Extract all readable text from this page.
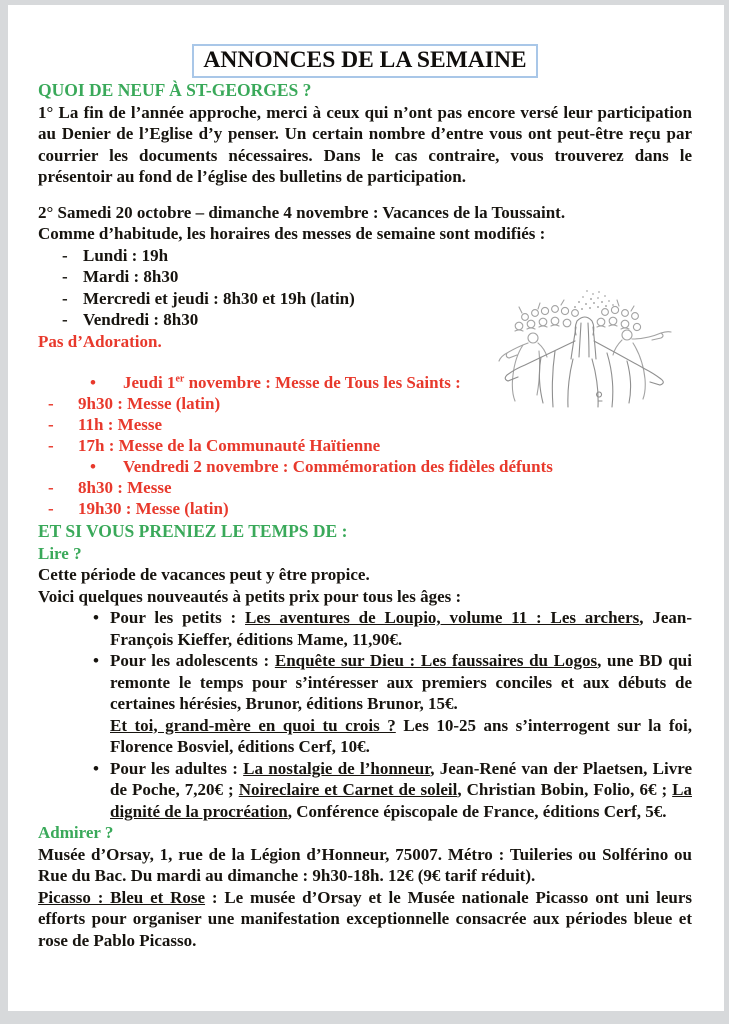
ANNONCES DE LA SEMAINE
QUOI DE NEUF À ST-GEORGES ?

1° La fin de l’année approche, merci à ceux qui n’ont pas encore versé leur participation au Denier de l’Eglise d’y penser. Un certain nombre d’entre vous ont peut-être reçu par courrier les documents nécessaires. Dans le cas contraire, vous trouverez dans le présentoir au fond de l’église des bulletins de participation.

2° Samedi 20 octobre – dimanche 4 novembre : Vacances de la Toussaint.

Comme d’habitude, les horaires des messes de semaine sont modifiés :

- Lundi : 19h
- Mardi : 8h30
- Mercredi et jeudi : 8h30 et 19h (latin)
- Vendredi : 8h30

Pas d’Adoration.

• Jeudi 1er novembre : Messe de Tous les Saints :
- 9h30 : Messe (latin)
- 11h : Messe
- 17h : Messe de la Communauté Haïtienne
• Vendredi 2 novembre : Commémoration des fidèles défunts
- 8h30 : Messe
- 19h30 : Messe (latin)
ET SI VOUS PRENIEZ LE TEMPS DE :
Lire ?

Cette période de vacances peut y être propice.

Voici quelques nouveautés à petits prix pour tous les âges :

• Pour les petits : Les aventures de Loupio, volume 11 : Les archers, Jean-François Kieffer, éditions Mame, 11,90€.
• Pour les adolescents : Enquête sur Dieu : Les faussaires du Logos, une BD qui remonte le temps pour s’intéresser aux premiers conciles et aux débuts de certaines hérésies, Brunor, éditions Brunor, 15€.
Et toi, grand-mère en quoi tu crois ? Les 10-25 ans s’interrogent sur la foi, Florence Bosviel, éditions Cerf, 10€.
• Pour les adultes : La nostalgie de l’honneur, Jean-René van der Plaetsen, Livre de Poche, 7,20€ ; Noireclaire et Carnet de soleil, Christian Bobin, Folio, 6€ ; La dignité de la procréation, Conférence épiscopale de France, éditions Cerf, 5€.
Admirer ?

Musée d’Orsay, 1, rue de la Légion d’Honneur, 75007. Métro : Tuileries ou Solférino ou Rue du Bac. Du mardi au dimanche : 9h30-18h. 12€ (9€ tarif réduit).

Picasso : Bleu et Rose : Le musée d’Orsay et le Musée nationale Picasso ont uni leurs efforts pour organiser une manifestation exceptionnelle consacrée aux périodes bleue et rose de Pablo Picasso.
